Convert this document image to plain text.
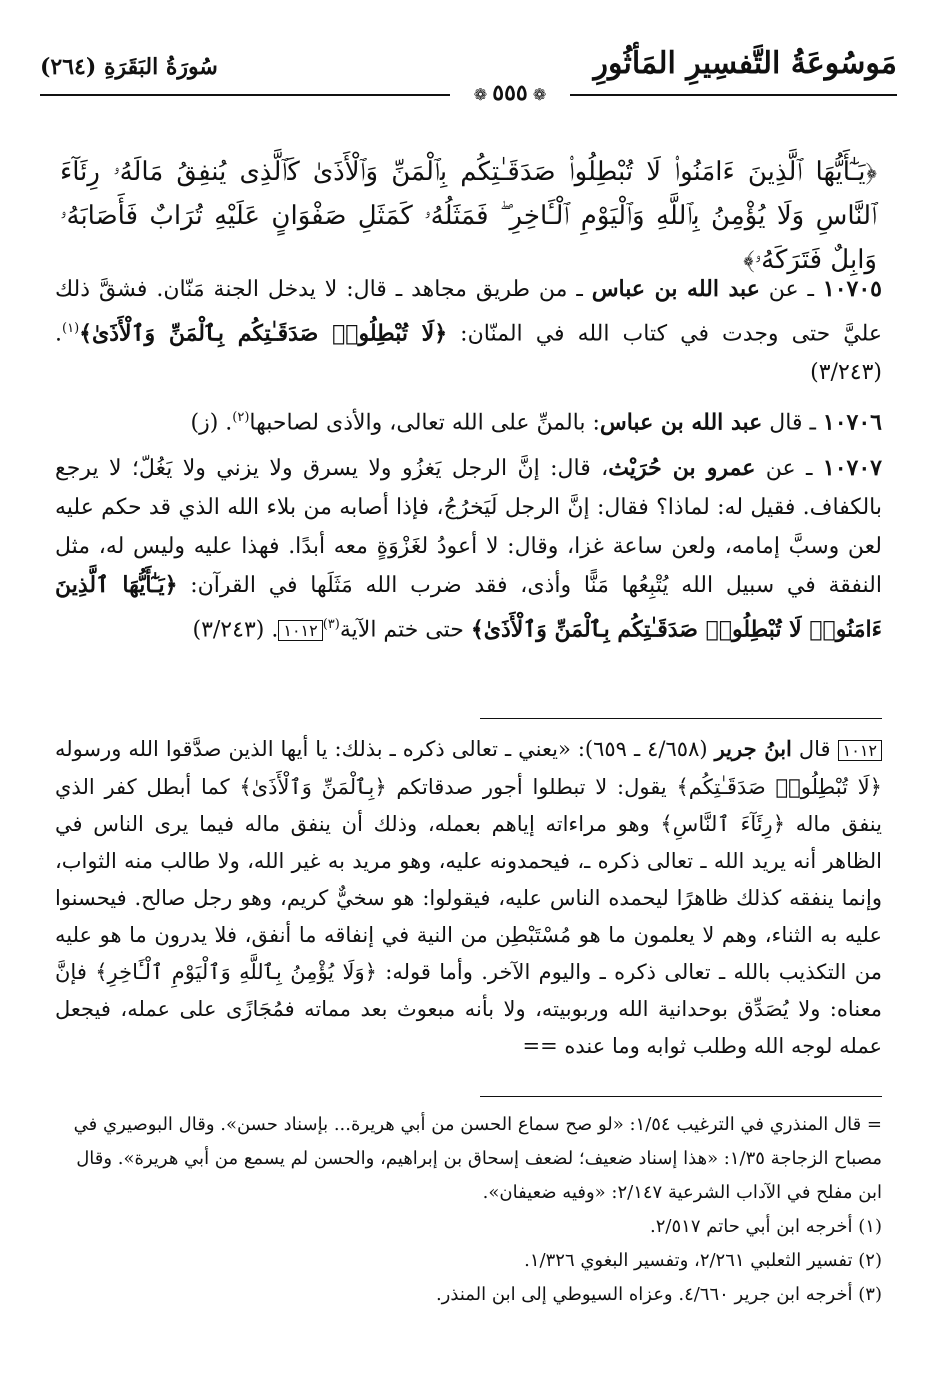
مَوسُوعَةُ التَّفسِيرِ المَأثُورِ
سُورَةُ البَقَرَةِ (٢٦٤)
❁ ٥٥٥ ❁
﴿يَـٰٓأَيُّهَا ٱلَّذِينَ ءَامَنُوا۟ لَا تُبْطِلُوا۟ صَدَقَـٰتِكُم بِٱلْمَنِّ وَٱلْأَذَىٰ كَٱلَّذِى يُنفِقُ مَالَهُۥ رِئَآءَ ٱلنَّاسِ وَلَا يُؤْمِنُ بِٱللَّهِ وَٱلْيَوْمِ ٱلْـَٔاخِرِ ۖ فَمَثَلُهُۥ كَمَثَلِ صَفْوَانٍ عَلَيْهِ تُرَابٌ فَأَصَابَهُۥ وَابِلٌ فَتَرَكَهُۥ﴾

١٠٧٠٥ ـ عن عبد الله بن عباس ـ من طريق مجاهد ـ قال: لا يدخل الجنة مَنّان. فشقَّ ذلك عليَّ حتى وجدت في كتاب الله في المنّان: ﴿لَا تُبْطِلُوا۟ صَدَقَـٰتِكُم بِٱلْمَنِّ وَٱلْأَذَىٰ﴾$^{(١)}$. (٣/٢٤٣)

١٠٧٠٦ ـ قال عبد الله بن عباس: بالمنِّ على الله تعالى، والأذى لصاحبها$^{(٢)}$. (ز)

١٠٧٠٧ ـ عن عمرو بن حُرَيْث، قال: إنَّ الرجل يَغزُو ولا يسرق ولا يزني ولا يَغُلّ؛ لا يرجع بالكفاف. فقيل له: لماذا؟ فقال: إنَّ الرجل لَيَخرُجُ، فإذا أصابه من بلاء الله الذي قد حكم عليه لعن وسبَّ إمامه، ولعن ساعة غزا، وقال: لا أعودُ لغَزْوَةٍ معه أبدًا. فهذا عليه وليس له، مثل النفقة في سبيل الله يُتْبِعُها مَنًّا وأذى، فقد ضرب الله مَثَلَها في القرآن: ﴿يَـٰٓأَيُّهَا ٱلَّذِينَ ءَامَنُوا۟ لَا تُبْطِلُوا۟ صَدَقَـٰتِكُم بِٱلْمَنِّ وَٱلْأَذَىٰ﴾ حتى ختم الآية$^{(٣)}$١٠١٢. (٣/٢٤٣)

١٠١٢ قال ابنُ جرير (٤/٦٥٨ ـ ٦٥٩): «يعني ـ تعالى ذكره ـ بذلك: يا أيها الذين صدَّقوا الله ورسوله ﴿لَا تُبْطِلُوا۟ صَدَقَـٰتِكُم﴾ يقول: لا تبطلوا أجور صدقاتكم ﴿بِٱلْمَنِّ وَٱلْأَذَىٰ﴾ كما أبطل كفر الذي ينفق ماله ﴿رِئَآءَ ٱلنَّاسِ﴾ وهو مراءاته إياهم بعمله، وذلك أن ينفق ماله فيما يرى الناس في الظاهر أنه يريد الله ـ تعالى ذكره ـ، فيحمدونه عليه، وهو مريد به غير الله، ولا طالب منه الثواب، وإنما ينفقه كذلك ظاهرًا ليحمده الناس عليه، فيقولوا: هو سخيٌّ كريم، وهو رجل صالح. فيحسنوا عليه به الثناء، وهم لا يعلمون ما هو مُسْتَبْطِن من النية في إنفاقه ما أنفق، فلا يدرون ما هو عليه من التكذيب بالله ـ تعالى ذكره ـ واليوم الآخر. وأما قوله: ﴿وَلَا يُؤْمِنُ بِٱللَّهِ وَٱلْيَوْمِ ٱلْـَٔاخِرِ﴾ فإنَّ معناه: ولا يُصَدِّق بوحدانية الله وربوبيته، ولا بأنه مبعوث بعد مماته فمُجَازًى على عمله، فيجعل عمله لوجه الله وطلب ثوابه وما عنده ==
= قال المنذري في الترغيب ١/٥٤: «لو صح سماع الحسن من أبي هريرة... بإسناد حسن». وقال البوصيري في مصباح الزجاجة ١/٣٥: «هذا إسناد ضعيف؛ لضعف إسحاق بن إبراهيم، والحسن لم يسمع من أبي هريرة». وقال ابن مفلح في الآداب الشرعية ٢/١٤٧: «وفيه ضعيفان».
(١) أخرجه ابن أبي حاتم ٢/٥١٧.
(٢) تفسير الثعلبي ٢/٢٦١، وتفسير البغوي ١/٣٢٦.
(٣) أخرجه ابن جرير ٤/٦٦٠. وعزاه السيوطي إلى ابن المنذر.
